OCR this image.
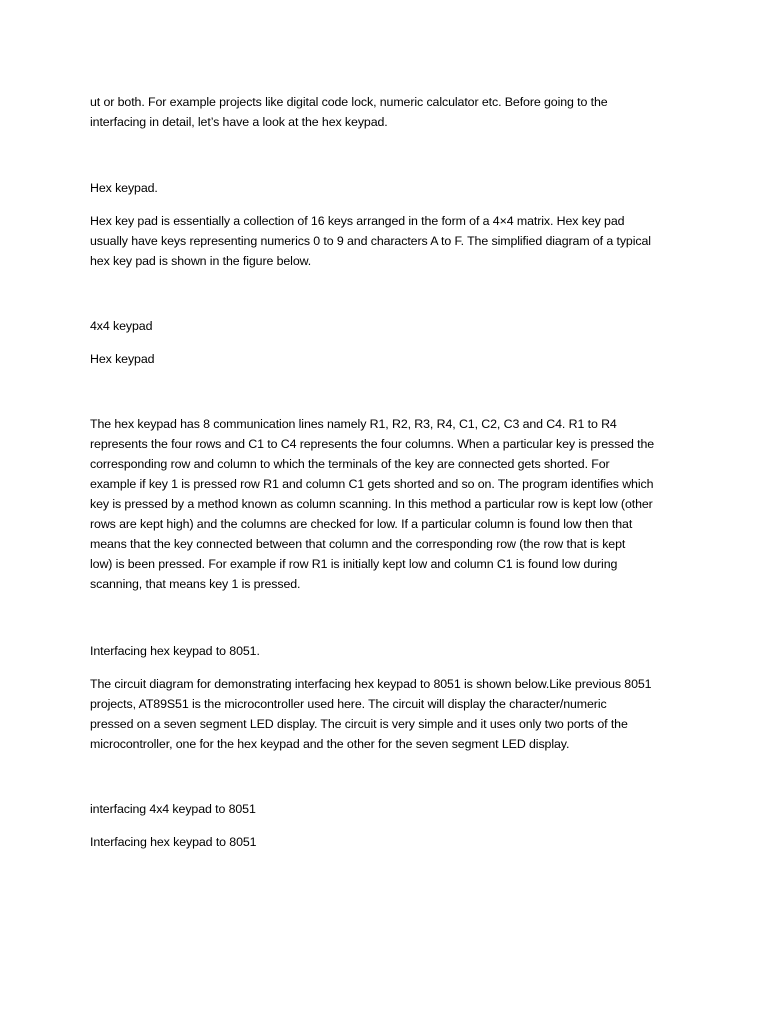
ut or both. For example projects like digital code lock, numeric calculator etc. Before going to the
interfacing in detail, let’s have a look at the hex keypad.
Hex keypad.
Hex key pad is essentially a collection of 16 keys arranged in the form of a 4×4 matrix. Hex key pad
usually have keys representing numerics 0 to 9 and characters A to F. The simplified diagram of a typical
hex key pad is shown in the figure below.
4x4 keypad
Hex keypad
The hex keypad has 8 communication lines namely R1, R2, R3, R4, C1, C2, C3 and C4. R1 to R4
represents the four rows and C1 to C4 represents the four columns. When a particular key is pressed the
corresponding row and column to which the terminals of the key are connected gets shorted. For
example if key 1 is pressed row R1 and column C1 gets shorted and so on. The program identifies which
key is pressed by a method known as column scanning. In this method a particular row is kept low (other
rows are kept high) and the columns are checked for low. If a particular column is found low then that
means that the key connected between that column and the corresponding row (the row that is kept
low) is been pressed. For example if row R1 is initially kept low and column C1 is found low during
scanning, that means key 1 is pressed.
Interfacing hex keypad to 8051.
The circuit diagram for demonstrating interfacing hex keypad to 8051 is shown below.Like previous 8051
projects, AT89S51 is the microcontroller used here. The circuit will display the character/numeric
pressed on a seven segment LED display. The circuit is very simple and it uses only two ports of the
microcontroller, one for the hex keypad and the other for the seven segment LED display.
interfacing 4x4 keypad to 8051
Interfacing hex keypad to 8051
